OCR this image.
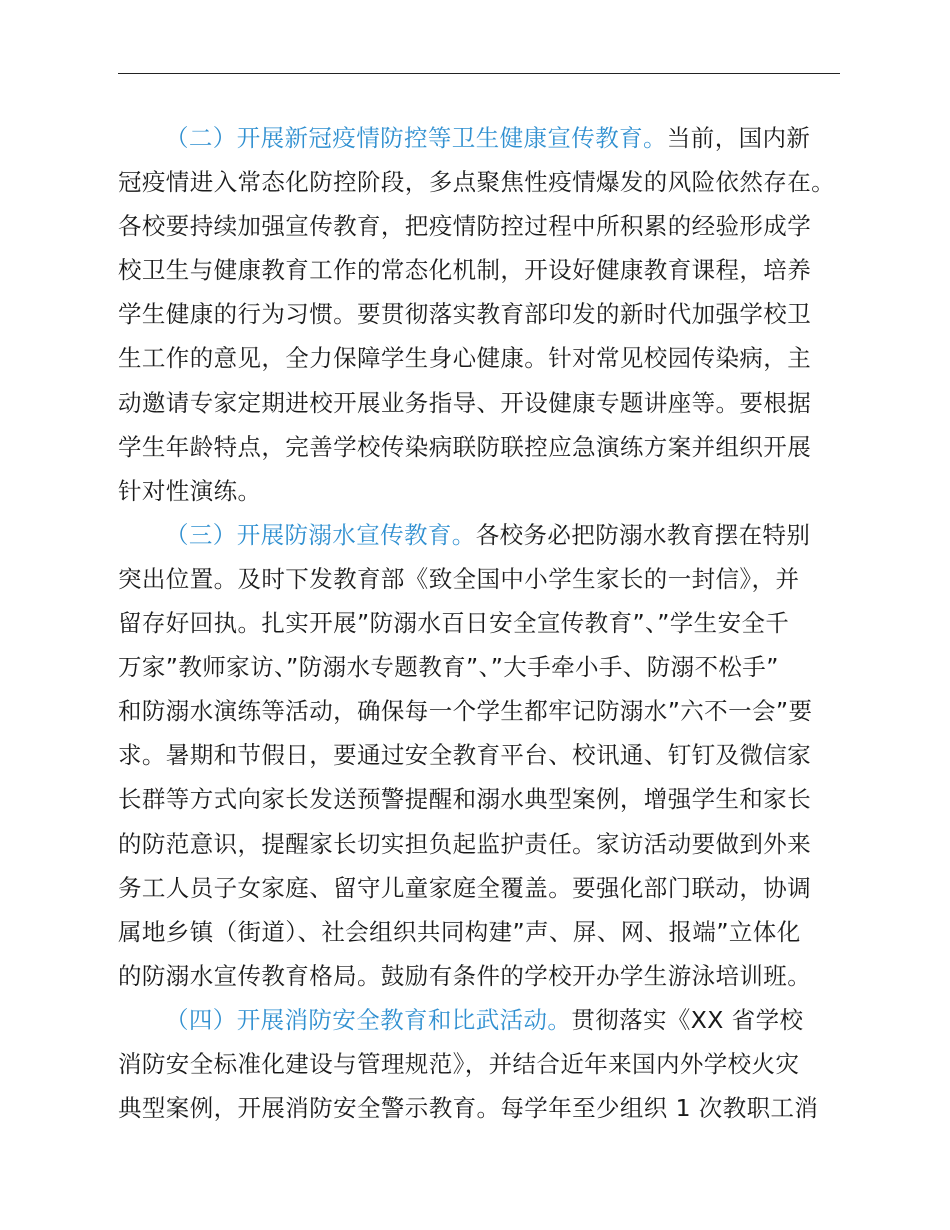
（二）开展新冠疫情防控等卫生健康宣传教育。当前，国内新
冠疫情进入常态化防控阶段，多点聚焦性疫情爆发的风险依然存在。
各校要持续加强宣传教育，把疫情防控过程中所积累的经验形成学
校卫生与健康教育工作的常态化机制，开设好健康教育课程，培养
学生健康的行为习惯。要贯彻落实教育部印发的新时代加强学校卫
生工作的意见，全力保障学生身心健康。针对常见校园传染病，主
动邀请专家定期进校开展业务指导、开设健康专题讲座等。要根据
学生年龄特点，完善学校传染病联防联控应急演练方案并组织开展
针对性演练。

（三）开展防溺水宣传教育。各校务必把防溺水教育摆在特别
突出位置。及时下发教育部《致全国中小学生家长的一封信》，并
留存好回执。扎实开展”防溺水百日安全宣传教育”、”学生安全千
万家”教师家访、”防溺水专题教育”、”大手牵小手、防溺不松手”
和防溺水演练等活动，确保每一个学生都牢记防溺水”六不一会”要
求。暑期和节假日，要通过安全教育平台、校讯通、钉钉及微信家
长群等方式向家长发送预警提醒和溺水典型案例，增强学生和家长
的防范意识，提醒家长切实担负起监护责任。家访活动要做到外来
务工人员子女家庭、留守儿童家庭全覆盖。要强化部门联动，协调
属地乡镇（街道）、社会组织共同构建”声、屏、网、报端”立体化
的防溺水宣传教育格局。鼓励有条件的学校开办学生游泳培训班。

（四）开展消防安全教育和比武活动。贯彻落实《XX 省学校
消防安全标准化建设与管理规范》，并结合近年来国内外学校火灾
典型案例，开展消防安全警示教育。每学年至少组织 1 次教职工消
